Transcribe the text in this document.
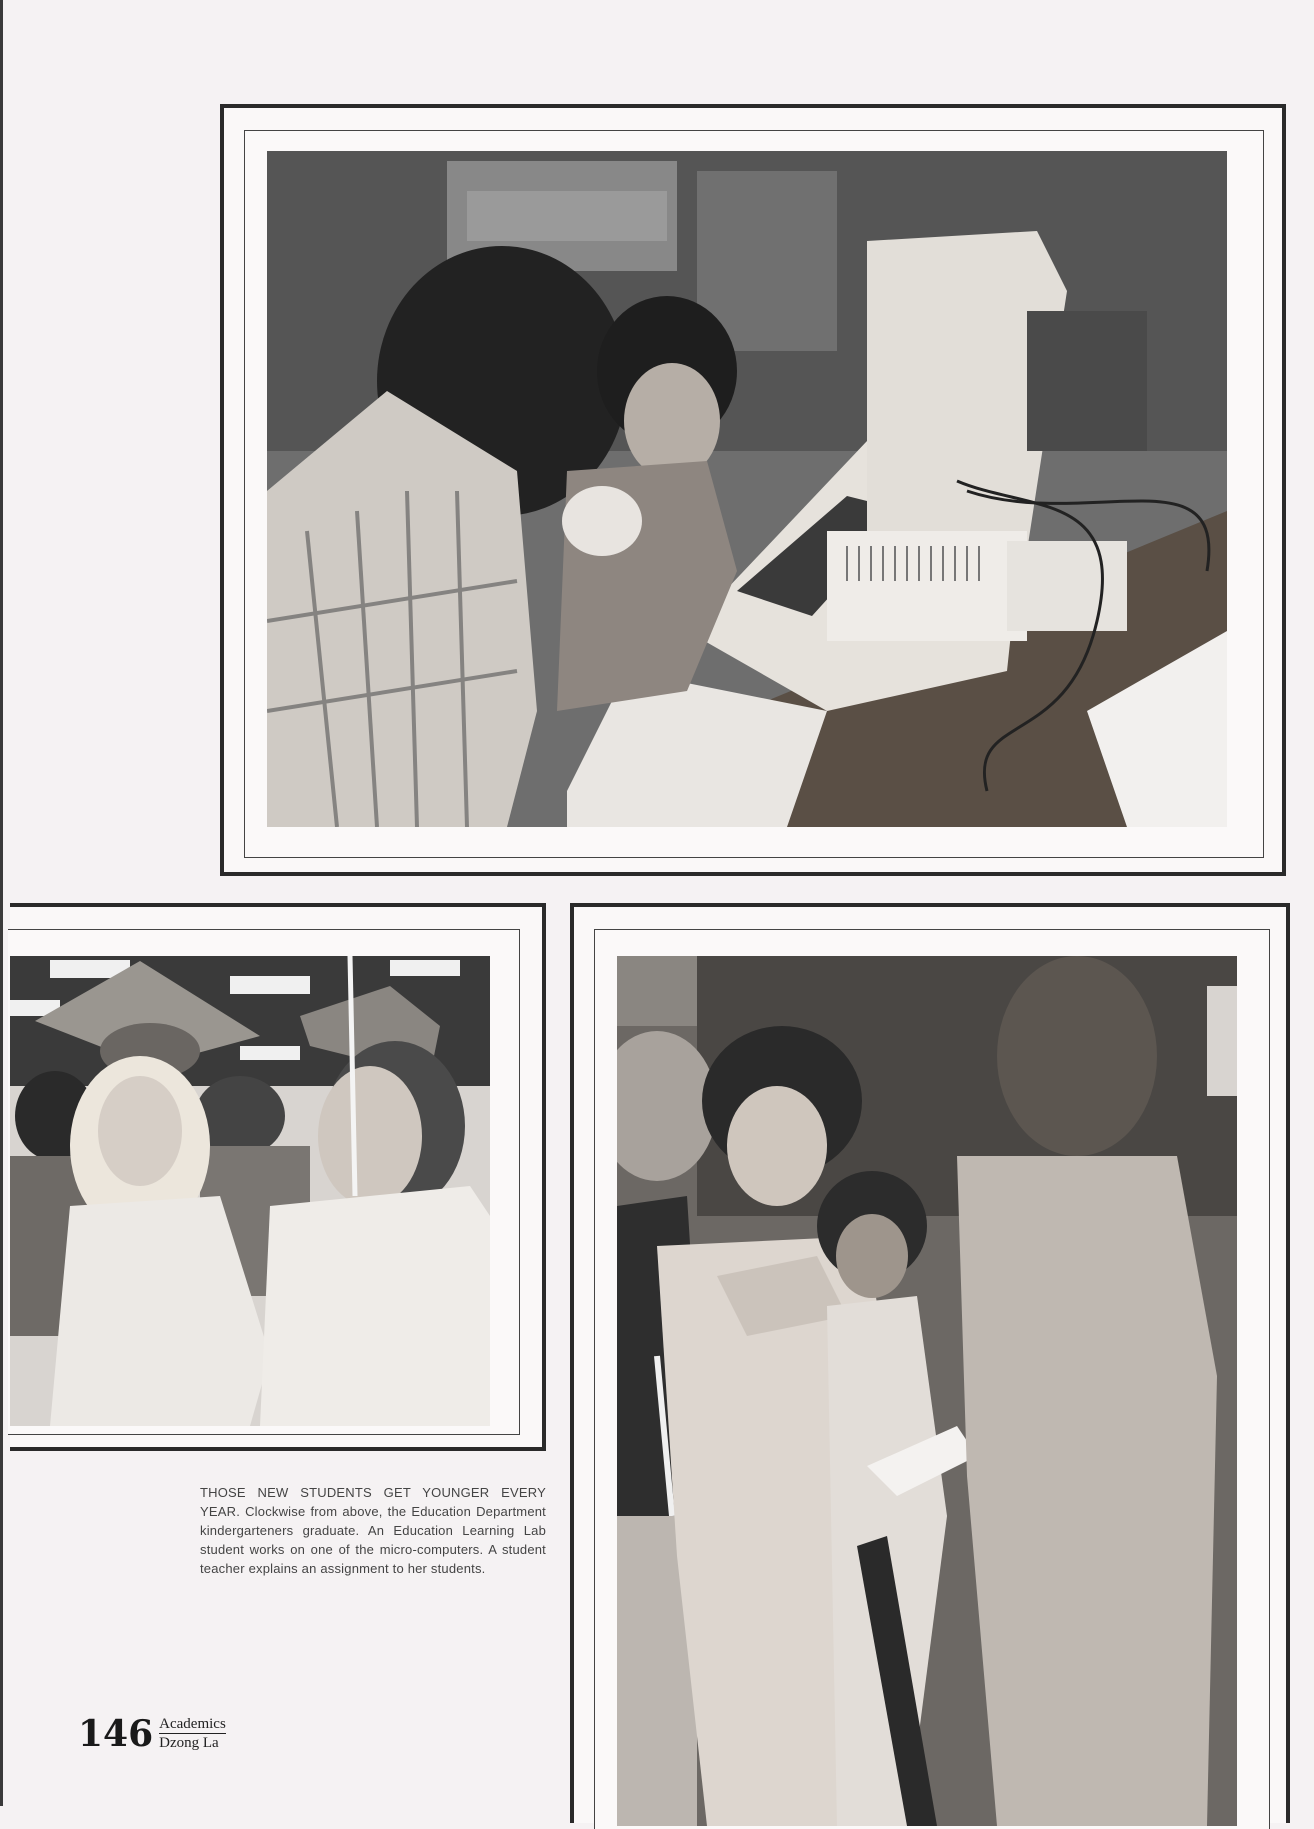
THOSE NEW STUDENTS GET YOUNGER EVERY YEAR. Clockwise from above, the Education Department kindergarteners graduate. An Education Learning Lab student works on one of the micro-computers. A student teacher explains an assignment to her students.

146 Academics
Dzong La
